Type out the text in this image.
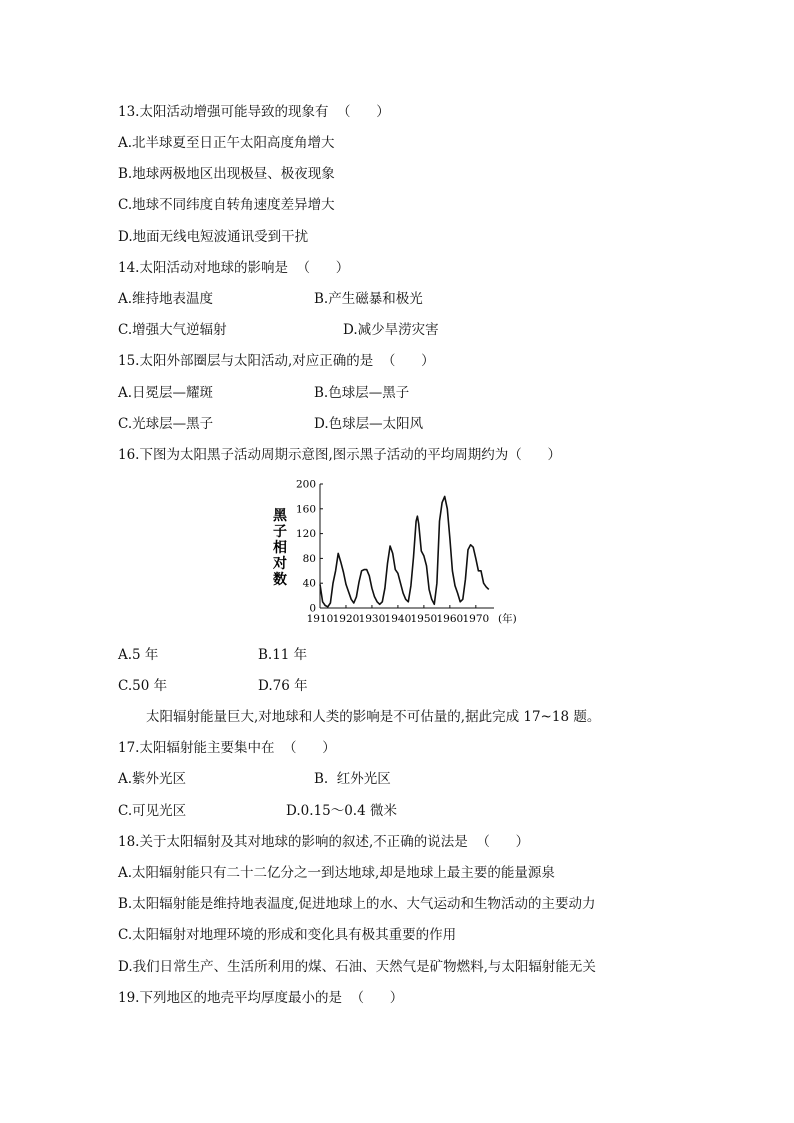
13.太阳活动增强可能导致的现象有  （      ）
A.北半球夏至日正午太阳高度角增大
B.地球两极地区出现极昼、极夜现象
C.地球不同纬度自转角速度差异增大
D.地面无线电短波通讯受到干扰
14.太阳活动对地球的影响是  （      ）
A.维持地表温度	B.产生磁暴和极光
C.增强大气逆辐射	D.减少旱涝灾害
15.太阳外部圈层与太阳活动,对应正确的是  （      ）
A.日冕层—耀斑	B.色球层—黑子
C.光球层—黑子	D.色球层—太阳风
16.下图为太阳黑子活动周期示意图,图示黑子活动的平均周期约为（      ）
黑
子
相
对
数
200
160
120
80
40
0
1910 1920 1930 1940 1950 1960 1970 (年)
A.5 年	B.11 年
C.50 年	D.76 年
太阳辐射能量巨大,对地球和人类的影响是不可估量的,据此完成 17~18 题。
17.太阳辐射能主要集中在  （      ）
A.紫外光区	B.  红外光区
C.可见光区	D.0.15～0.4 微米
18.关于太阳辐射及其对地球的影响的叙述,不正确的说法是  （      ）
A.太阳辐射能只有二十二亿分之一到达地球,却是地球上最主要的能量源泉
B.太阳辐射能是维持地表温度,促进地球上的水、大气运动和生物活动的主要动力
C.太阳辐射对地理环境的形成和变化具有极其重要的作用
D.我们日常生产、生活所利用的煤、石油、天然气是矿物燃料,与太阳辐射能无关
19.下列地区的地壳平均厚度最小的是  （      ）
